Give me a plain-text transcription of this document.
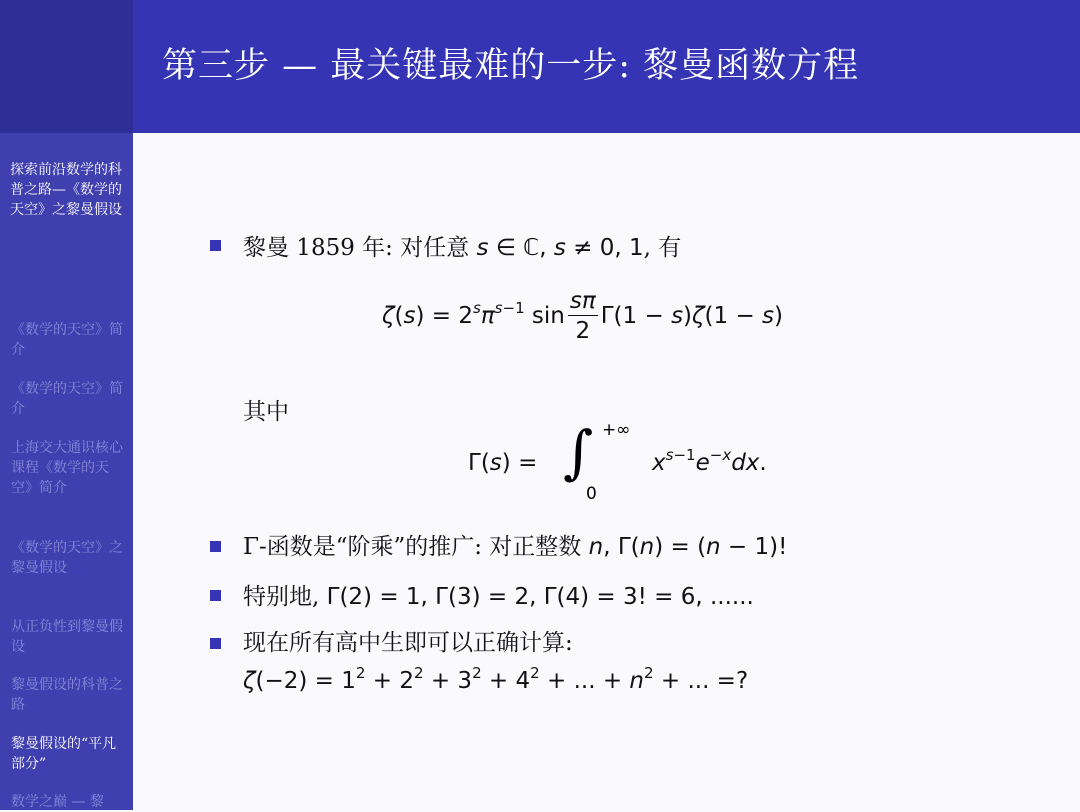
第三步 — 最关键最难的一步: 黎曼函数方程
探索前沿数学的科普之路—《数学的天空》之黎曼假设
《数学的天空》简介
《数学的天空》简介
上海交大通识核心课程《数学的天空》简介
《数学的天空》之黎曼假设
从正负性到黎曼假设
黎曼假设的科普之路
黎曼假设的“平凡部分”
数学之巅 — 黎
黎曼 1859 年: 对任意 s ∈ ℂ, s ≠ 0, 1, 有
$\zeta(s) = 2^s\pi^{s-1}$ $\sin \frac{s\pi}{2} \Gamma(1 - s)\zeta(1 - s)$
其中
Γ(s) = ∫ +∞
0
$x^{s-1}e^{-x}dx$.
Γ-函数是“阶乘”的推广: 对正整数 n, Γ(n) = (n − 1)!
特别地, Γ(2) = 1, Γ(3) = 2, Γ(4) = 3! = 6, ......
现在所有高中生即可以正确计算:
$\zeta(-2) = 1^2 + 2^2 + 3^2 + 4^2$ + ... + $n^2$ + ... =?
